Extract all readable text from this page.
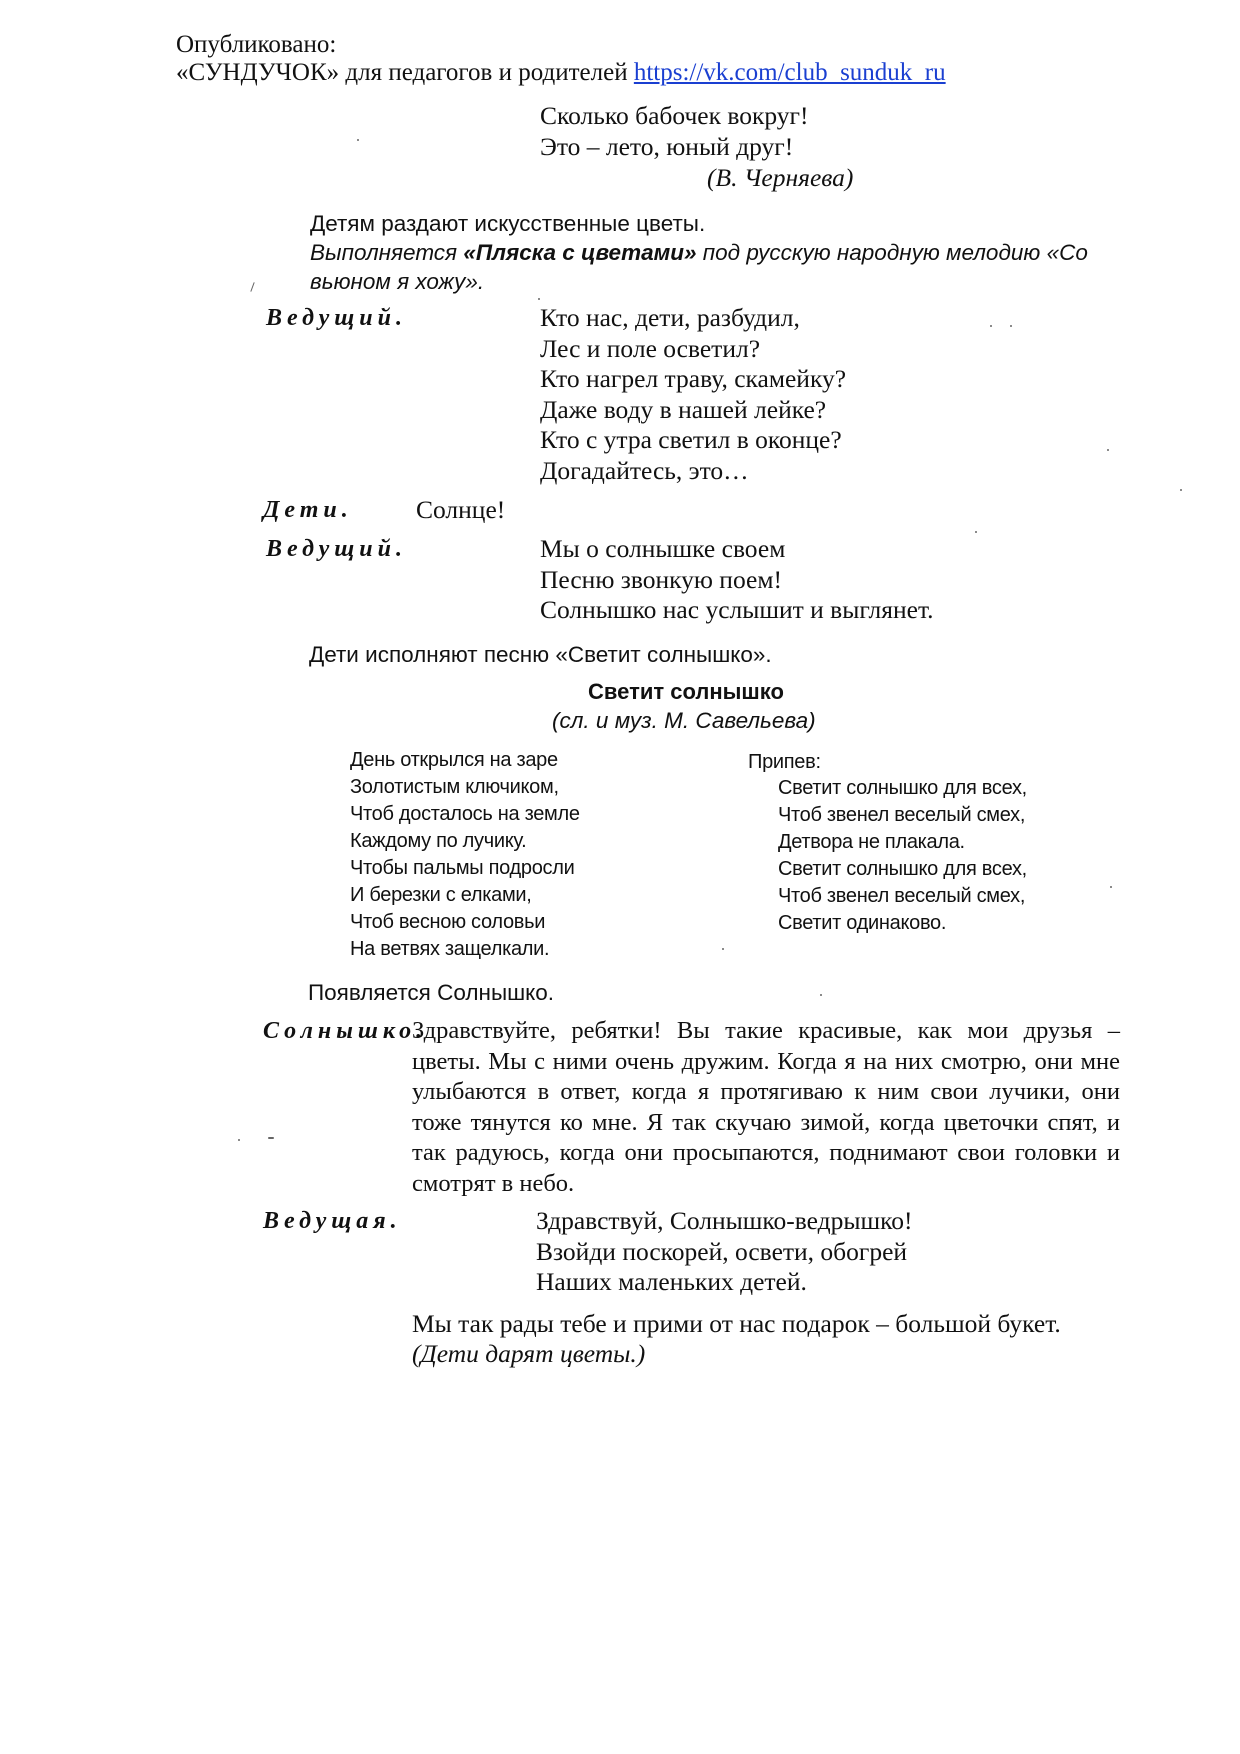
Опубликовано:
«СУНДУЧОК» для педагогов и родителей https://vk.com/club_sunduk_ru
Сколько бабочек вокруг!
Это – лето, юный друг!
(В. Черняева)
Детям раздают искусственные цветы.
Выполняется «Пляска с цветами» под русскую народную мелодию «Со
вьюном я хожу».
Ведущий.	Кто нас, дети, разбудил,
Лес и поле осветил?
Кто нагрел траву, скамейку?
Даже воду в нашей лейке?
Кто с утра светил в оконце?
Догадайтесь, это…
Дети. Солнце!
Ведущий.	Мы о солнышке своем
Песню звонкую поем!
Солнышко нас услышит и выглянет.
Дети исполняют песню «Светит солнышко».
Светит солнышко
(сл. и муз. М. Савельева)
День открылся на заре
Золотистым ключиком,
Чтоб досталось на земле
Каждому по лучику.
Чтобы пальмы подросли
И березки с елками,
Чтоб весною соловьи
На ветвях защелкали.
Припев:
Светит солнышко для всех,
Чтоб звенел веселый смех,
Детвора не плакала.
Светит солнышко для всех,
Чтоб звенел веселый смех,
Светит одинаково.
Появляется Солнышко.
Солнышко.
Здравствуйте, ребятки! Вы такие красивые, как мои друзья – цветы. Мы с ними очень дружим. Когда я на них смотрю, они мне улыбаются в ответ, когда я протягиваю к ним свои лучики, они тоже тянутся ко мне. Я так скучаю зимой, когда цветочки спят, и так радуюсь, когда они просыпаются, поднимают свои головки и смотрят в небо.
Ведущая.	Здравствуй, Солнышко-ведрышко!
Взойди поскорей, освети, обогрей
Наших маленьких детей.
Мы так рады тебе и прими от нас подарок – большой букет.
(Дети дарят цветы.)
